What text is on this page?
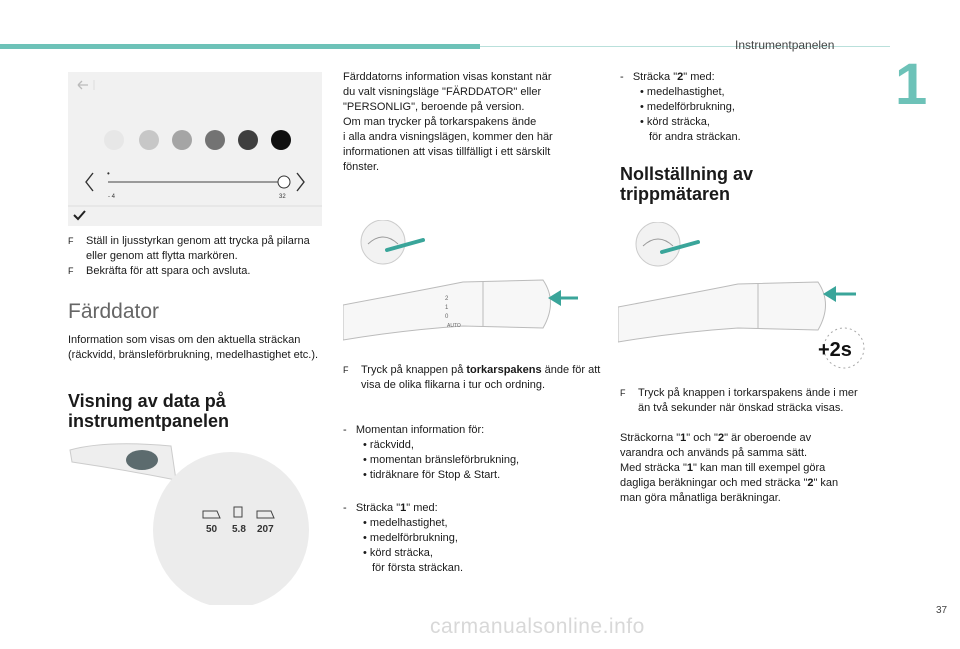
Instrumentpanelen
1
•
- 4	32
F Ställ in ljusstyrkan genom att trycka på pilarna eller genom att flytta markören.
F Bekräfta för att spara och avsluta.
Färddator
Information som visas om den aktuella sträckan (räckvidd, bränsleförbrukning, medelhastighet etc.).
Visning av data på
instrumentpanelen
50 5.8 207
Färddatorns information visas konstant när
du valt visningsläge "FÄRDDATOR" eller
"PERSONLIG", beroende på version.
Om man trycker på torkarspakens ände
i alla andra visningslägen, kommer den här
informationen att visas tillfälligt i ett särskilt
fönster.
2
1
0
AUTO
F Tryck på knappen på torkarspakens ände för att visa de olika flikarna i tur och ordning.
-   Momentan information för:
• räckvidd,
• momentan bränsleförbrukning,
• tidräknare för Stop & Start.
-   Sträcka "1" med:
• medelhastighet,
• medelförbrukning,
• körd sträcka,
för första sträckan.
-   Sträcka "2" med:
• medelhastighet,
• medelförbrukning,
• körd sträcka,
för andra sträckan.
Nollställning av
trippmätaren
+2s
F Tryck på knappen i torkarspakens ände i mer än två sekunder när önskad sträcka visas.
Sträckorna "1" och "2" är oberoende av
varandra och används på samma sätt.
Med sträcka "1" kan man till exempel göra
dagliga beräkningar och med sträcka "2" kan
man göra månatliga beräkningar.
37
carmanualsonline.info
